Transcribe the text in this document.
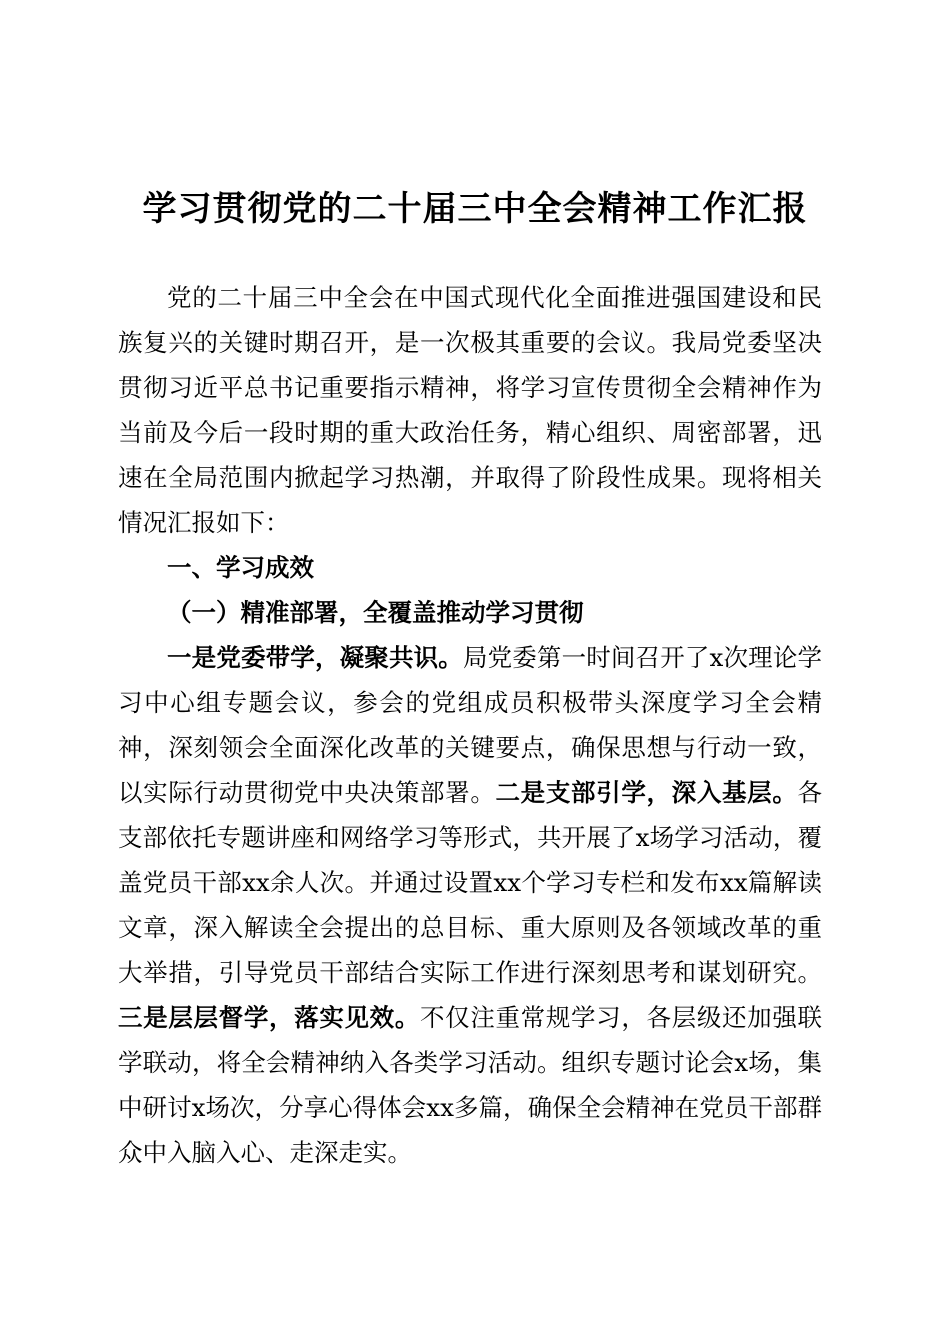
学习贯彻党的二十届三中全会精神工作汇报

党的二十届三中全会在中国式现代化全面推进强国建设和民族复兴的关键时期召开，是一次极其重要的会议。我局党委坚决贯彻习近平总书记重要指示精神，将学习宣传贯彻全会精神作为当前及今后一段时期的重大政治任务，精心组织、周密部署，迅速在全局范围内掀起学习热潮，并取得了阶段性成果。现将相关情况汇报如下：

一、学习成效

（一）精准部署，全覆盖推动学习贯彻

一是党委带学，凝聚共识。局党委第一时间召开了x次理论学习中心组专题会议，参会的党组成员积极带头深度学习全会精神，深刻领会全面深化改革的关键要点，确保思想与行动一致，以实际行动贯彻党中央决策部署。二是支部引学，深入基层。各支部依托专题讲座和网络学习等形式，共开展了x场学习活动，覆盖党员干部xx余人次。并通过设置xx个学习专栏和发布xx篇解读文章，深入解读全会提出的总目标、重大原则及各领域改革的重大举措，引导党员干部结合实际工作进行深刻思考和谋划研究。三是层层督学，落实见效。不仅注重常规学习，各层级还加强联学联动，将全会精神纳入各类学习活动。组织专题讨论会x场，集中研讨x场次，分享心得体会xx多篇，确保全会精神在党员干部群众中入脑入心、走深走实。
